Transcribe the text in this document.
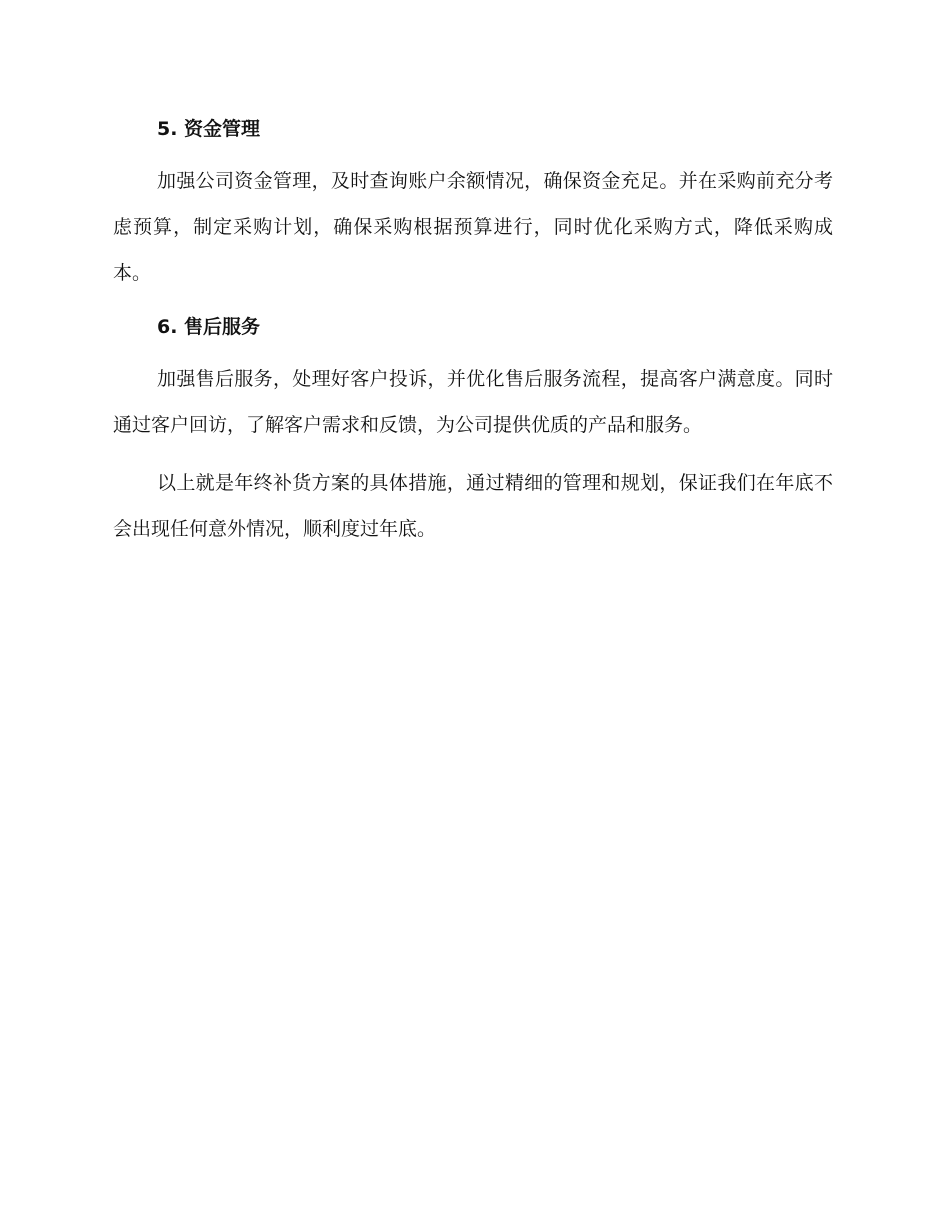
5. 资金管理

加强公司资金管理，及时查询账户余额情况，确保资金充足。并在采购前充分考虑预算，制定采购计划，确保采购根据预算进行，同时优化采购方式，降低采购成本。

6. 售后服务

加强售后服务，处理好客户投诉，并优化售后服务流程，提高客户满意度。同时通过客户回访，了解客户需求和反馈，为公司提供优质的产品和服务。

以上就是年终补货方案的具体措施，通过精细的管理和规划，保证我们在年底不会出现任何意外情况，顺利度过年底。
